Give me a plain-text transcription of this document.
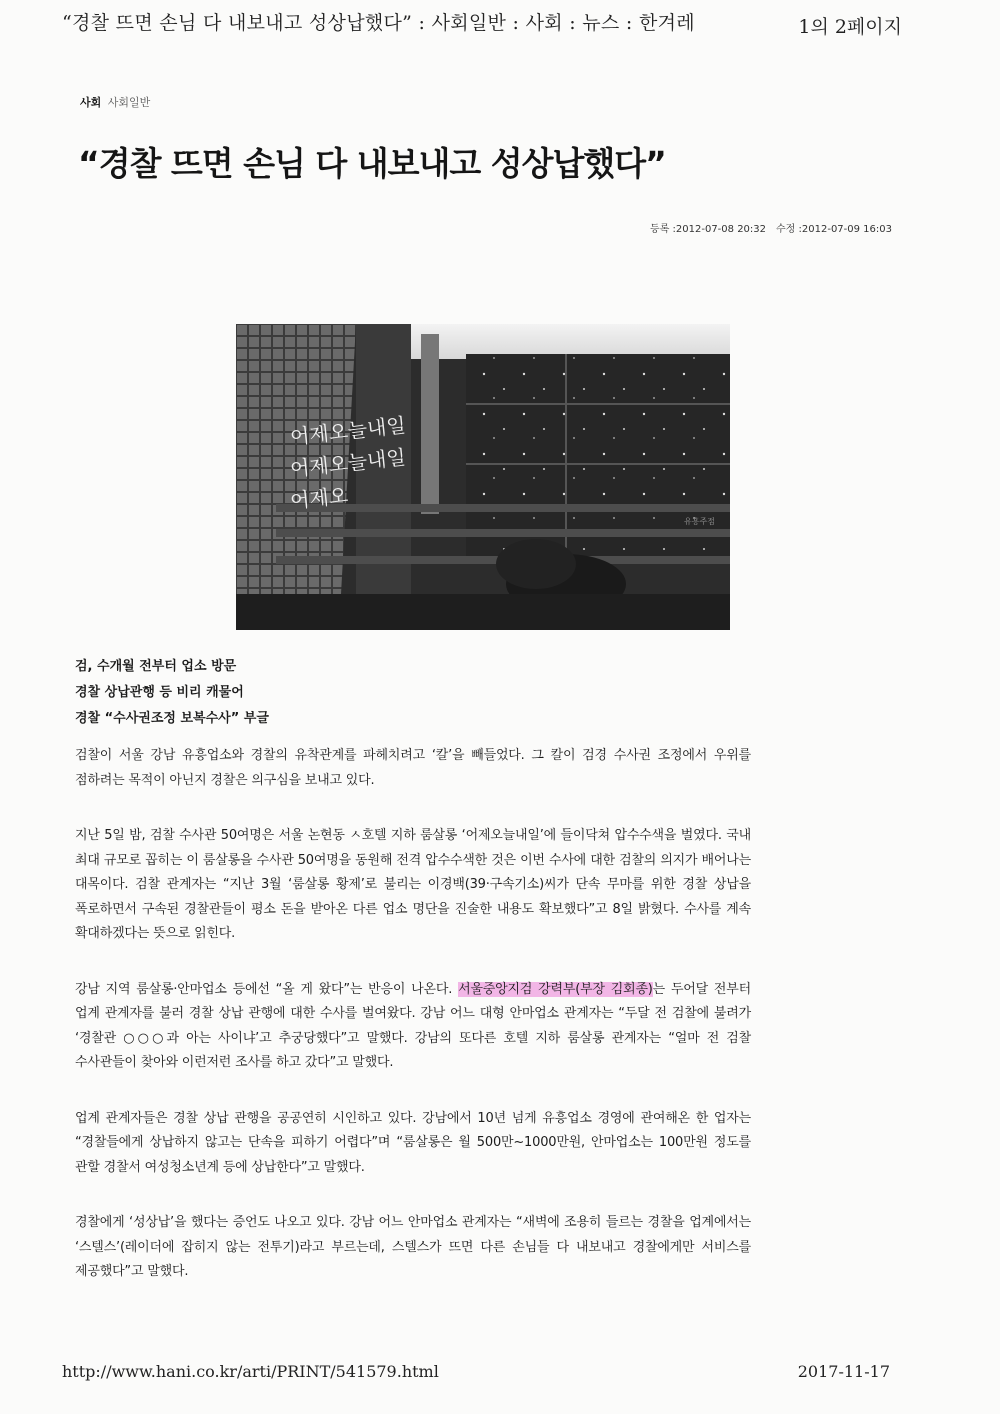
“경찰 뜨면 손님 다 내보내고 성상납했다” : 사회일반 : 사회 : 뉴스 : 한겨레	1의 2페이지
사회 사회일반
“경찰 뜨면 손님 다 내보내고 성상납했다”
등록 :2012-07-08 20:32 수정 :2012-07-09 16:03
어제오늘내일
어제오늘내일
어제오
유흥주점
검, 수개월 전부터 업소 방문
경찰 상납관행 등 비리 캐물어
경찰 “수사권조정 보복수사” 부글

검찰이 서울 강남 유흥업소와 경찰의 유착관계를 파헤치려고 ‘칼’을 빼들었다. 그 칼이 검경 수사권 조정에서 우위를 점하려는 목적이 아닌지 경찰은 의구심을 보내고 있다.

지난 5일 밤, 검찰 수사관 50여명은 서울 논현동 ㅅ호텔 지하 룸살롱 ‘어제오늘내일’에 들이닥쳐 압수수색을 벌였다. 국내 최대 규모로 꼽히는 이 룸살롱을 수사관 50여명을 동원해 전격 압수수색한 것은 이번 수사에 대한 검찰의 의지가 배어나는 대목이다. 검찰 관계자는 “지난 3월 ‘룸살롱 황제’로 불리는 이경백(39·구속기소)씨가 단속 무마를 위한 경찰 상납을 폭로하면서 구속된 경찰관들이 평소 돈을 받아온 다른 업소 명단을 진술한 내용도 확보했다”고 8일 밝혔다. 수사를 계속 확대하겠다는 뜻으로 읽힌다.

강남 지역 룸살롱·안마업소 등에선 “올 게 왔다”는 반응이 나온다. 서울중앙지검 강력부(부장 김회종)는 두어달 전부터 업계 관계자를 불러 경찰 상납 관행에 대한 수사를 벌여왔다. 강남 어느 대형 안마업소 관계자는 “두달 전 검찰에 불려가 ‘경찰관 ○○○과 아는 사이냐’고 추궁당했다”고 말했다. 강남의 또다른 호텔 지하 룸살롱 관계자는 “얼마 전 검찰 수사관들이 찾아와 이런저런 조사를 하고 갔다”고 말했다.

업계 관계자들은 경찰 상납 관행을 공공연히 시인하고 있다. 강남에서 10년 넘게 유흥업소 경영에 관여해온 한 업자는 “경찰들에게 상납하지 않고는 단속을 피하기 어렵다”며 “룸살롱은 월 500만~1000만원, 안마업소는 100만원 정도를 관할 경찰서 여성청소년계 등에 상납한다”고 말했다.

경찰에게 ‘성상납’을 했다는 증언도 나오고 있다. 강남 어느 안마업소 관계자는 “새벽에 조용히 들르는 경찰을 업계에서는 ‘스텔스’(레이더에 잡히지 않는 전투기)라고 부르는데, 스텔스가 뜨면 다른 손님들 다 내보내고 경찰에게만 서비스를 제공했다”고 말했다.

http://www.hani.co.kr/arti/PRINT/541579.html	2017-11-17
